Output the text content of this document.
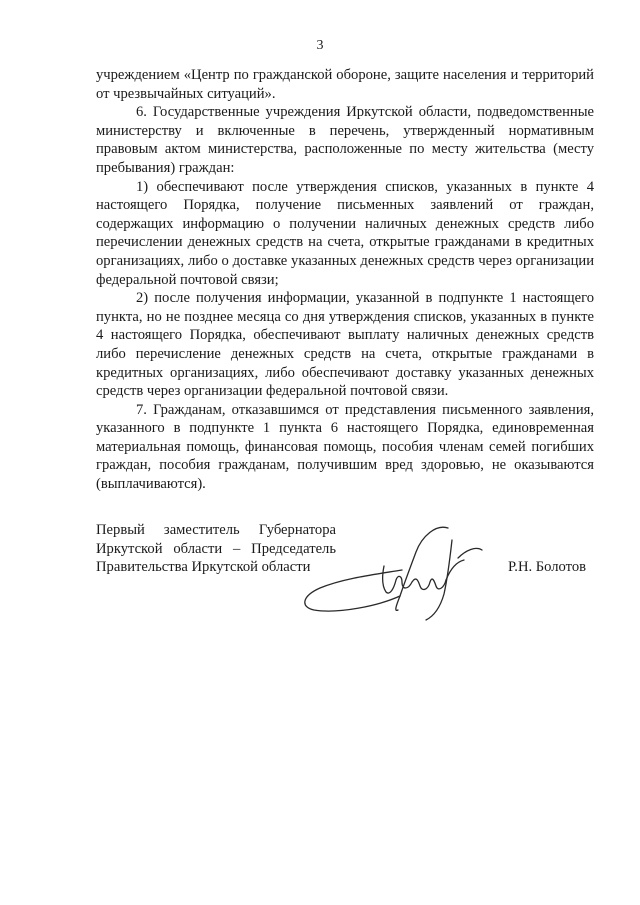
3

учреждением «Центр по гражданской обороне, защите населения и территорий от чрезвычайных ситуаций».

6. Государственные учреждения Иркутской области, подведомственные министерству и включенные в перечень, утвержденный нормативным правовым актом министерства, расположенные по месту жительства (месту пребывания) граждан:

1) обеспечивают после утверждения списков, указанных в пункте 4 настоящего Порядка, получение письменных заявлений от граждан, содержащих информацию о получении наличных денежных средств либо перечислении денежных средств на счета, открытые гражданами в кредитных организациях, либо о доставке указанных денежных средств через организации федеральной почтовой связи;

2) после получения информации, указанной в подпункте 1 настоящего пункта, но не позднее месяца со дня утверждения списков, указанных в пункте 4 настоящего Порядка, обеспечивают выплату наличных денежных средств либо перечисление денежных средств на счета, открытые гражданами в кредитных организациях, либо обеспечивают доставку указанных денежных средств через организации федеральной почтовой связи.

7. Гражданам, отказавшимся от представления письменного заявления, указанного в подпункте 1 пункта 6 настоящего Порядка, единовременная материальная помощь, финансовая помощь, пособия членам семей погибших граждан, пособия гражданам, получившим вред здоровью, не оказываются (выплачиваются).

Первый заместитель Губернатора
Иркутской области – Председатель
Правительства Иркутской области	Р.Н. Болотов
